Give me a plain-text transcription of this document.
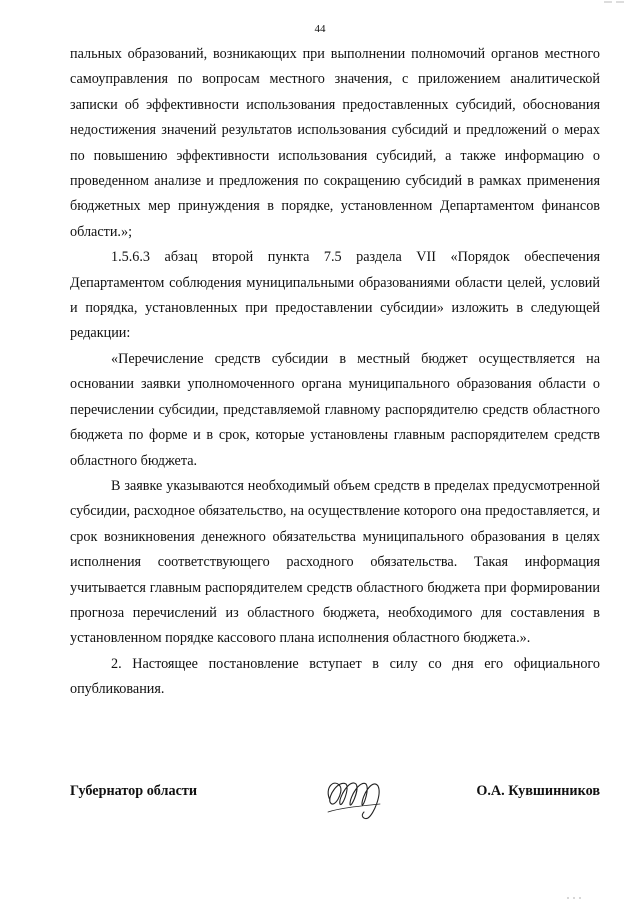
44

пальных образований, возникающих при выполнении полномочий органов местного самоуправления по вопросам местного значения, с приложением аналитической записки об эффективности использования предоставленных субсидий, обоснования недостижения значений результатов использования субсидий и предложений о мерах по повышению эффективности использования субсидий, а также информацию о проведенном анализе и предложения по сокращению субсидий в рамках применения бюджетных мер принуждения в порядке, установленном Департаментом финансов области.»;

1.5.6.3 абзац второй пункта 7.5 раздела VII «Порядок обеспечения Департаментом соблюдения муниципальными образованиями области целей, условий и порядка, установленных при предоставлении субсидии» изложить в следующей редакции:

«Перечисление средств субсидии в местный бюджет осуществляется на основании заявки уполномоченного органа муниципального образования области о перечислении субсидии, представляемой главному распорядителю средств областного бюджета по форме и в срок, которые установлены главным распорядителем средств областного бюджета.

В заявке указываются необходимый объем средств в пределах предусмотренной субсидии, расходное обязательство, на осуществление которого она предоставляется, и срок возникновения денежного обязательства муниципального образования в целях исполнения соответствующего расходного обязательства. Такая информация учитывается главным распорядителем средств областного бюджета при формировании прогноза перечислений из областного бюджета, необходимого для составления в установленном порядке кассового плана исполнения областного бюджета.».

2. Настоящее постановление вступает в силу со дня его официального опубликования.

Губернатор области	О.А. Кувшинников
